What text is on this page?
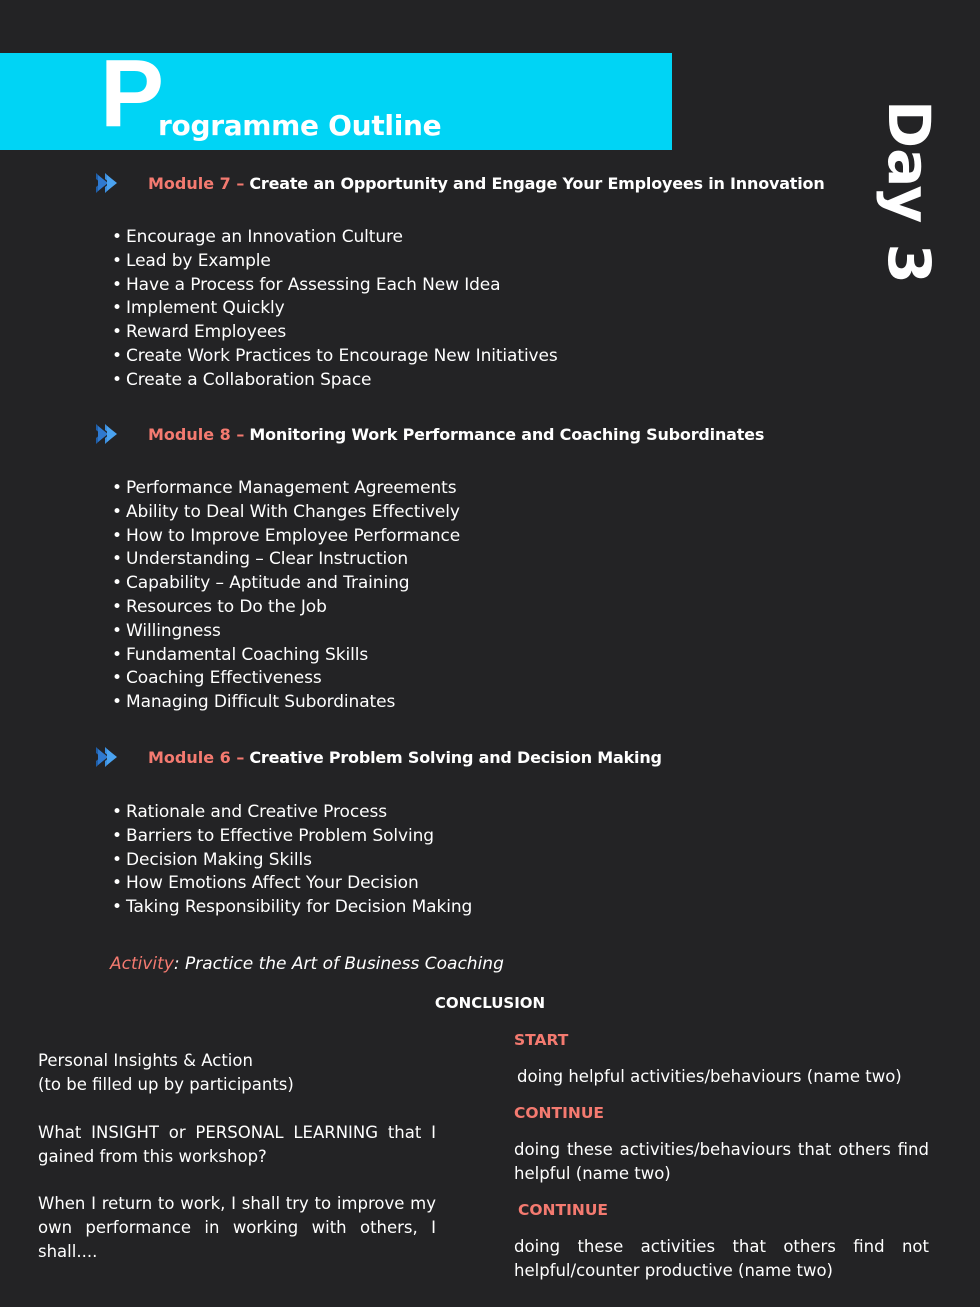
P
rogramme Outline	Day 3
Module 7 – Create an Opportunity and Engage Your Employees in Innovation
• Encourage an Innovation Culture
• Lead by Example
• Have a Process for Assessing Each New Idea
• Implement Quickly
• Reward Employees
• Create Work Practices to Encourage New Initiatives
• Create a Collaboration Space
Module 8 – Monitoring Work Performance and Coaching Subordinates
• Performance Management Agreements
• Ability to Deal With Changes Effectively
• How to Improve Employee Performance
• Understanding – Clear Instruction
• Capability – Aptitude and Training
• Resources to Do the Job
• Willingness
• Fundamental Coaching Skills
• Coaching Effectiveness
• Managing Difficult Subordinates
Module 6 – Creative Problem Solving and Decision Making
• Rationale and Creative Process
• Barriers to Effective Problem Solving
• Decision Making Skills
• How Emotions Affect Your Decision
• Taking Responsibility for Decision Making
Activity: Practice the Art of Business Coaching
CONCLUSION
Personal Insights & Action
(to be filled up by participants)
What INSIGHT or PERSONAL LEARNING that I gained from this workshop?
When I return to work, I shall try to improve my own performance in working with others, I shall....
START
doing helpful activities/behaviours (name two)
CONTINUE
doing these activities/behaviours that others find helpful (name two)
CONTINUE
doing these activities that others find not helpful/counter productive (name two)
